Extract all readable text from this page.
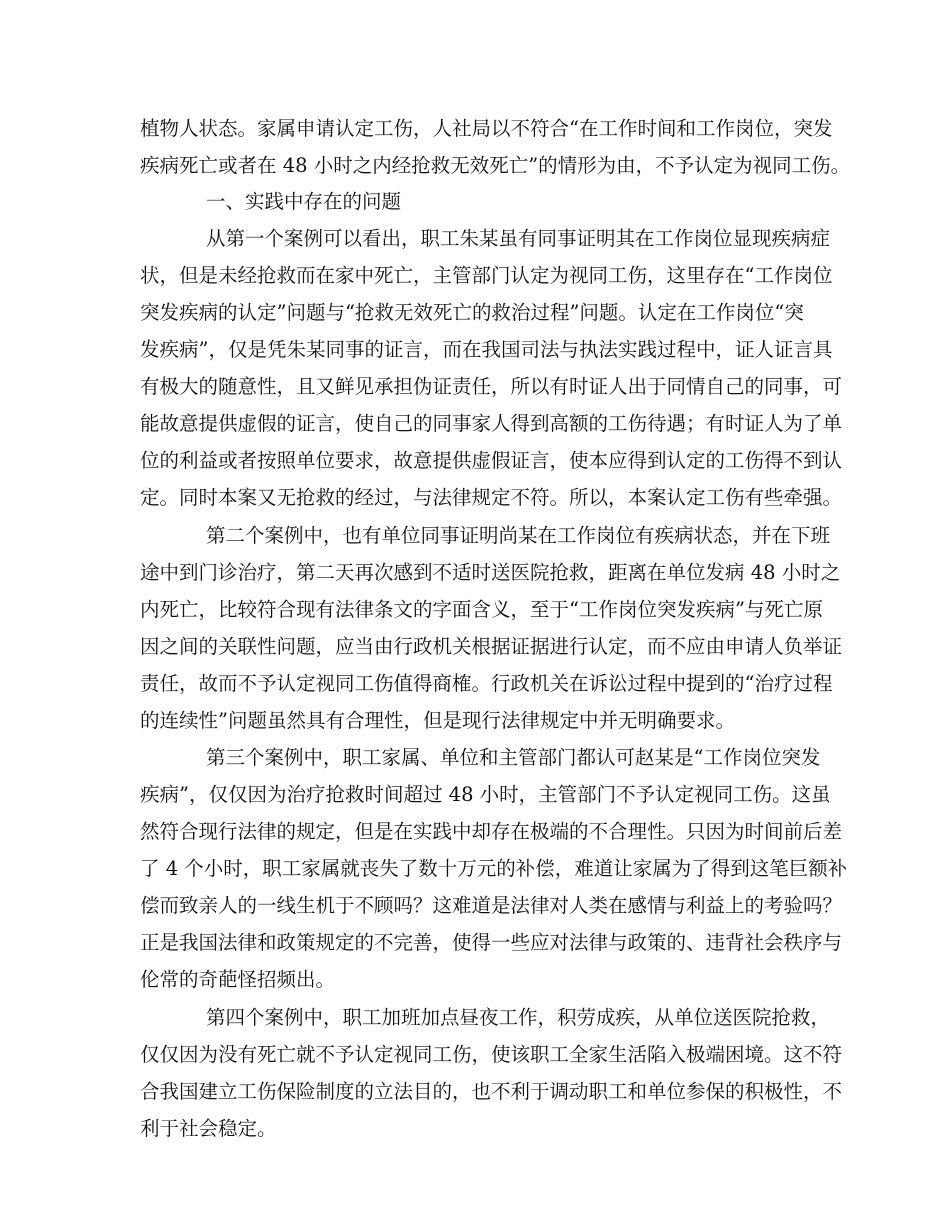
植物人状态。家属申请认定工伤，人社局以不符合“在工作时间和工作岗位，突发
疾病死亡或者在 48 小时之内经抢救无效死亡”的情形为由，不予认定为视同工伤。
一、实践中存在的问题
从第一个案例可以看出，职工朱某虽有同事证明其在工作岗位显现疾病症
状，但是未经抢救而在家中死亡，主管部门认定为视同工伤，这里存在“工作岗位
突发疾病的认定”问题与“抢救无效死亡的救治过程”问题。认定在工作岗位“突
发疾病”，仅是凭朱某同事的证言，而在我国司法与执法实践过程中，证人证言具
有极大的随意性，且又鲜见承担伪证责任，所以有时证人出于同情自己的同事，可
能故意提供虚假的证言，使自己的同事家人得到高额的工伤待遇；有时证人为了单
位的利益或者按照单位要求，故意提供虚假证言，使本应得到认定的工伤得不到认
定。同时本案又无抢救的经过，与法律规定不符。所以，本案认定工伤有些牵强。
第二个案例中，也有单位同事证明尚某在工作岗位有疾病状态，并在下班
途中到门诊治疗，第二天再次感到不适时送医院抢救，距离在单位发病 48 小时之
内死亡，比较符合现有法律条文的字面含义，至于“工作岗位突发疾病”与死亡原
因之间的关联性问题，应当由行政机关根据证据进行认定，而不应由申请人负举证
责任，故而不予认定视同工伤值得商榷。行政机关在诉讼过程中提到的“治疗过程
的连续性”问题虽然具有合理性，但是现行法律规定中并无明确要求。
第三个案例中，职工家属、单位和主管部门都认可赵某是“工作岗位突发
疾病”，仅仅因为治疗抢救时间超过 48 小时，主管部门不予认定视同工伤。这虽
然符合现行法律的规定，但是在实践中却存在极端的不合理性。只因为时间前后差
了 4 个小时，职工家属就丧失了数十万元的补偿，难道让家属为了得到这笔巨额补
偿而致亲人的一线生机于不顾吗？这难道是法律对人类在感情与利益上的考验吗？
正是我国法律和政策规定的不完善，使得一些应对法律与政策的、违背社会秩序与
伦常的奇葩怪招频出。
第四个案例中，职工加班加点昼夜工作，积劳成疾，从单位送医院抢救，
仅仅因为没有死亡就不予认定视同工伤，使该职工全家生活陷入极端困境。这不符
合我国建立工伤保险制度的立法目的，也不利于调动职工和单位参保的积极性，不
利于社会稳定。
